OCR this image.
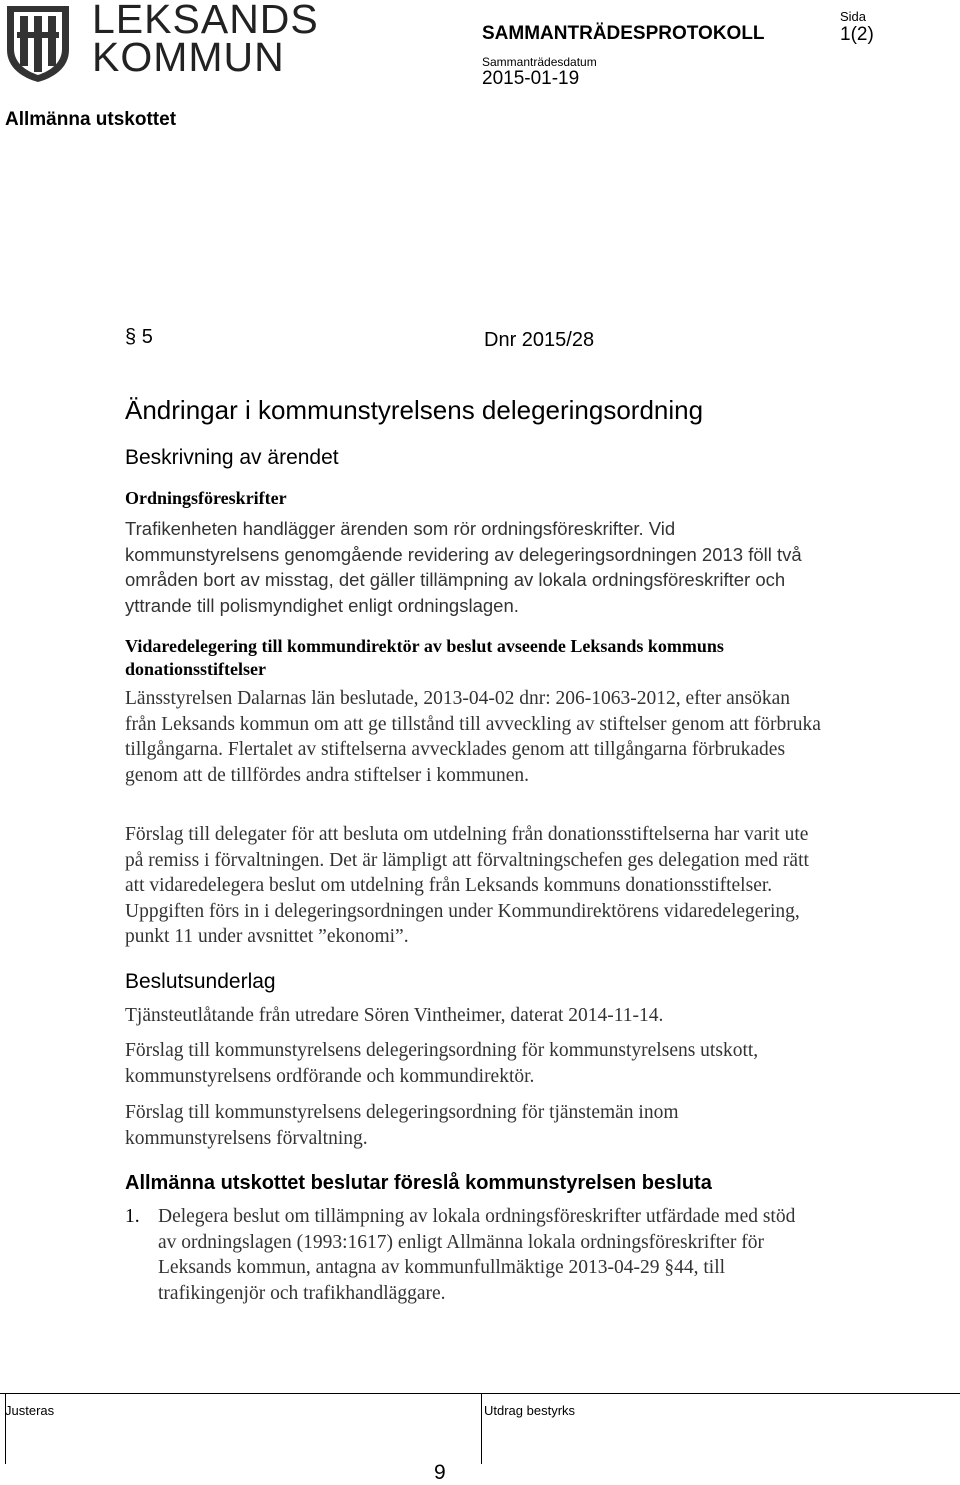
LEKSANDS
KOMMUN
SAMMANTRÄDESPROTOKOLL
Sammanträdesdatum
2015-01-19
Sida
1(2)
Allmänna utskottet
§ 5	Dnr 2015/28
Ändringar i kommunstyrelsens delegeringsordning
Beskrivning av ärendet
Ordningsföreskrifter
Trafikenheten handlägger ärenden som rör ordningsföreskrifter. Vid kommunstyrelsens genomgående revidering av delegeringsordningen 2013 föll två områden bort av misstag, det gäller tillämpning av lokala ordningsföreskrifter och yttrande till polismyndighet enligt ordningslagen.
Vidaredelegering till kommundirektör av beslut avseende Leksands kommuns donationsstiftelser
Länsstyrelsen Dalarnas län beslutade, 2013-04-02 dnr: 206-1063-2012, efter ansökan från Leksands kommun om att ge tillstånd till avveckling av stiftelser genom att förbruka tillgångarna. Flertalet av stiftelserna avvecklades genom att tillgångarna förbrukades genom att de tillfördes andra stiftelser i kommunen.
Förslag till delegater för att besluta om utdelning från donationsstiftelserna har varit ute på remiss i förvaltningen. Det är lämpligt att förvaltningschefen ges delegation med rätt att vidaredelegera beslut om utdelning från Leksands kommuns donationsstiftelser. Uppgiften förs in i delegeringsordningen under Kommundirektörens vidaredelegering, punkt 11 under avsnittet ”ekonomi”.
Beslutsunderlag
Tjänsteutlåtande från utredare Sören Vintheimer, daterat 2014-11-14.
Förslag till kommunstyrelsens delegeringsordning för kommunstyrelsens utskott, kommunstyrelsens ordförande och kommundirektör.
Förslag till kommunstyrelsens delegeringsordning för tjänstemän inom kommunstyrelsens förvaltning.
Allmänna utskottet beslutar föreslå kommunstyrelsen besluta
1. Delegera beslut om tillämpning av lokala ordningsföreskrifter utfärdade med stöd av ordningslagen (1993:1617) enligt Allmänna lokala ordningsföreskrifter för Leksands kommun, antagna av kommunfullmäktige 2013-04-29 §44, till trafikingenjör och trafikhandläggare.
Justeras	Utdrag bestyrks
9
